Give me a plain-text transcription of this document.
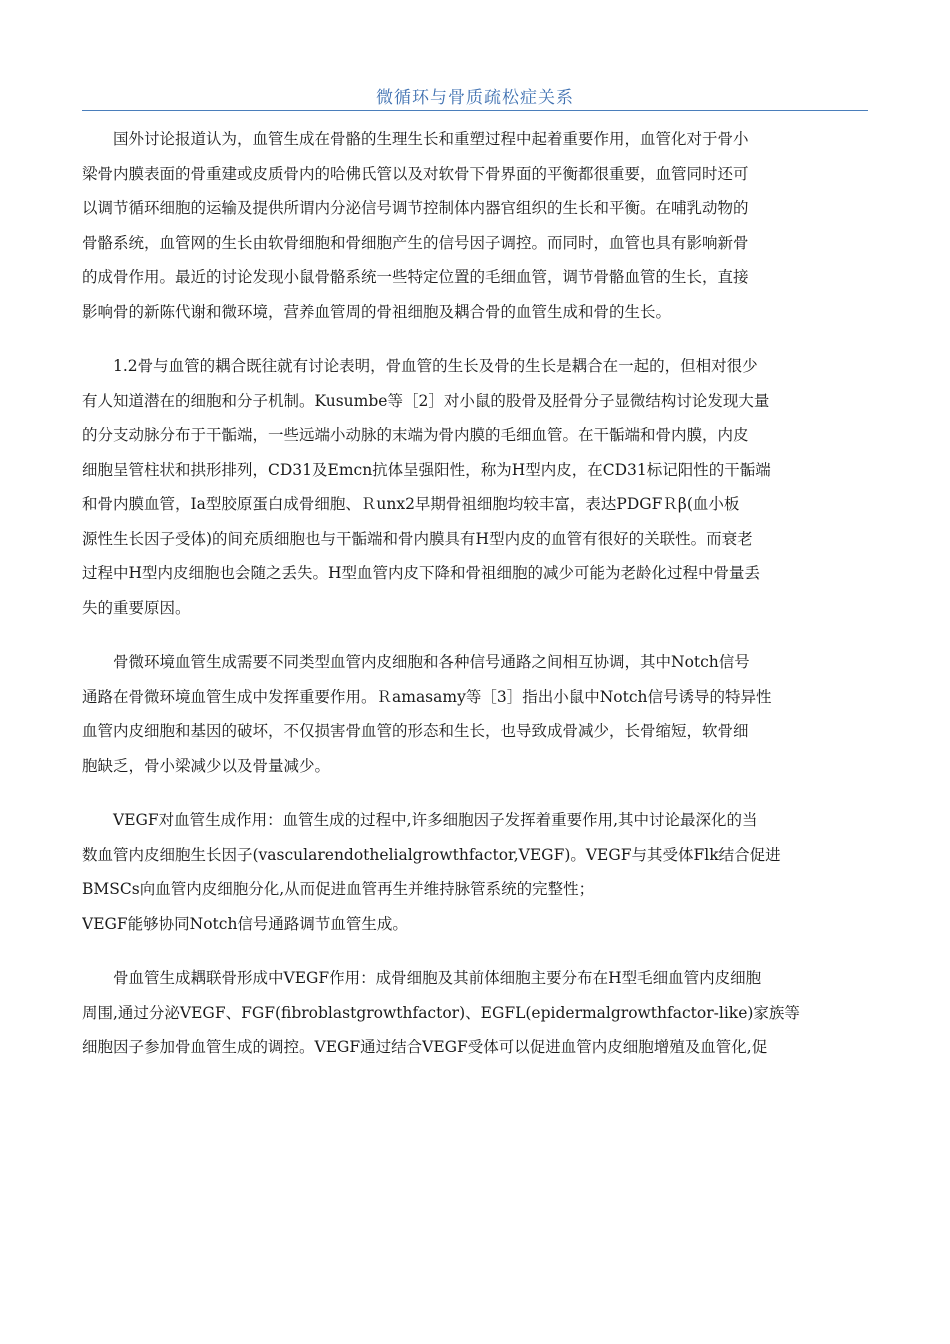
微循环与骨质疏松症关系
国外讨论报道认为，血管生成在骨骼的生理生长和重塑过程中起着重要作用，血管化对于骨小
梁骨内膜表面的骨重建或皮质骨内的哈佛氏管以及对软骨下骨界面的平衡都很重要，血管同时还可
以调节循环细胞的运输及提供所谓内分泌信号调节控制体内器官组织的生长和平衡。在哺乳动物的
骨骼系统，血管网的生长由软骨细胞和骨细胞产生的信号因子调控。而同时，血管也具有影响新骨
的成骨作用。最近的讨论发现小鼠骨骼系统一些特定位置的毛细血管，调节骨骼血管的生长，直接
影响骨的新陈代谢和微环境，营养血管周的骨祖细胞及耦合骨的血管生成和骨的生长。
1.2骨与血管的耦合既往就有讨论表明，骨血管的生长及骨的生长是耦合在一起的，但相对很少
有人知道潜在的细胞和分子机制。Kusumbe等［2］对小鼠的股骨及胫骨分子显微结构讨论发现大量
的分支动脉分布于干骺端，一些远端小动脉的末端为骨内膜的毛细血管。在干骺端和骨内膜，内皮
细胞呈管柱状和拱形排列，CD31及Emcn抗体呈强阳性，称为H型内皮，在CD31标记阳性的干骺端
和骨内膜血管，Ia型胶原蛋白成骨细胞、Ｒunx2早期骨祖细胞均较丰富，表达PDGFＲβ(血小板
源性生长因子受体)的间充质细胞也与干骺端和骨内膜具有H型内皮的血管有很好的关联性。而衰老
过程中H型内皮细胞也会随之丢失。H型血管内皮下降和骨祖细胞的减少可能为老龄化过程中骨量丢
失的重要原因。
骨微环境血管生成需要不同类型血管内皮细胞和各种信号通路之间相互协调，其中Notch信号
通路在骨微环境血管生成中发挥重要作用。Ｒamasamy等［3］指出小鼠中Notch信号诱导的特异性
血管内皮细胞和基因的破坏，不仅损害骨血管的形态和生长，也导致成骨减少，长骨缩短，软骨细
胞缺乏，骨小梁减少以及骨量减少。
VEGF对血管生成作用：血管生成的过程中,许多细胞因子发挥着重要作用,其中讨论最深化的当
数血管内皮细胞生长因子(vascularendothelialgrowthfactor,VEGF)。VEGF与其受体Flk结合促进
BMSCs向血管内皮细胞分化,从而促进血管再生并维持脉管系统的完整性；
VEGF能够协同Notch信号通路调节血管生成。
骨血管生成耦联骨形成中VEGF作用：成骨细胞及其前体细胞主要分布在H型毛细血管内皮细胞
周围,通过分泌VEGF、FGF(fibroblastgrowthfactor)、EGFL(epidermalgrowthfactor-like)家族等
细胞因子参加骨血管生成的调控。VEGF通过结合VEGF受体可以促进血管内皮细胞增殖及血管化,促
